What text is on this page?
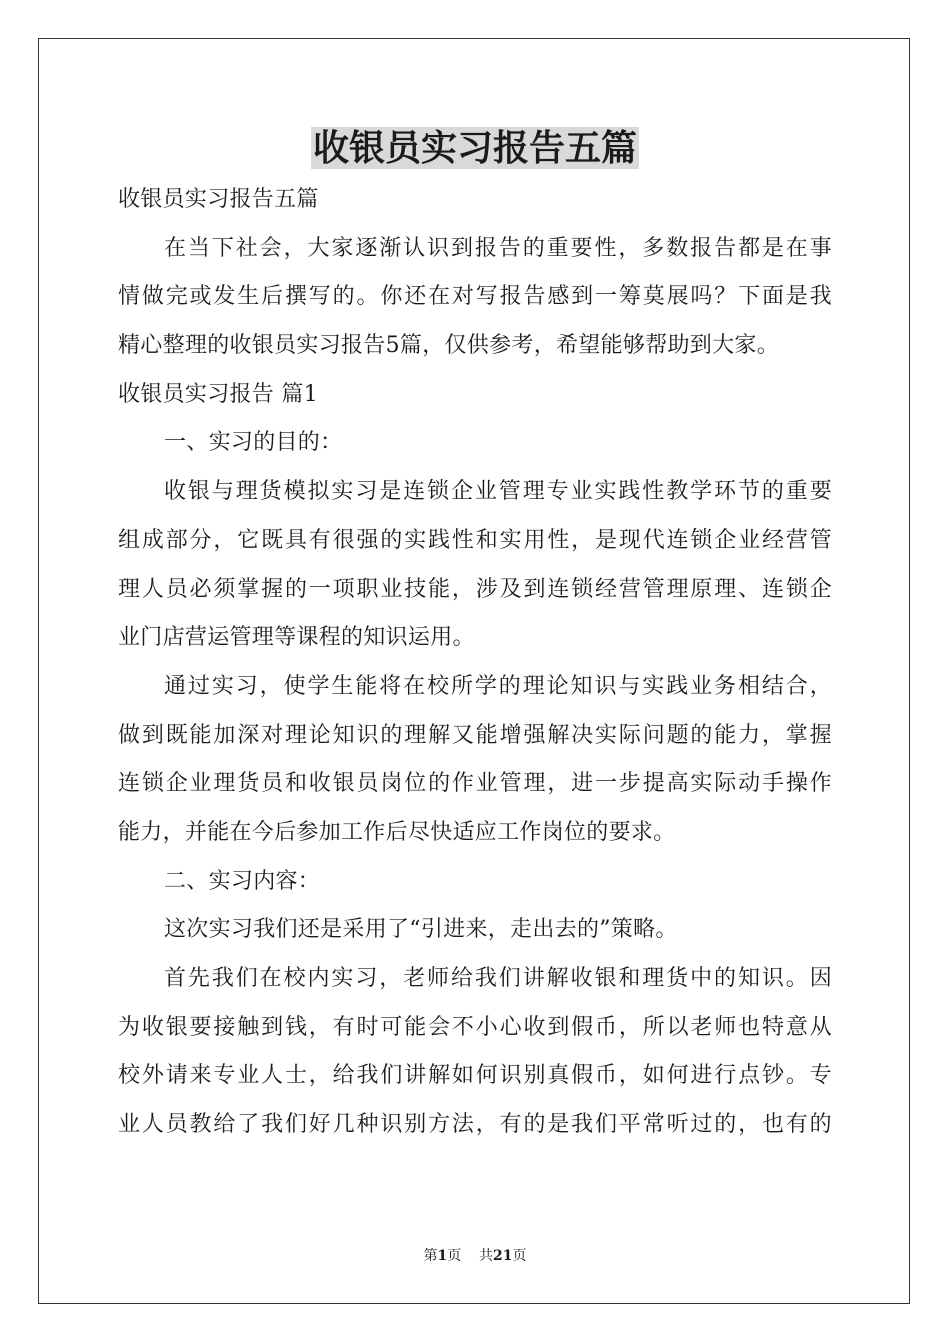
收银员实习报告五篇
收银员实习报告五篇
在当下社会，大家逐渐认识到报告的重要性，多数报告都是在事
情做完或发生后撰写的。你还在对写报告感到一筹莫展吗？下面是我
精心整理的收银员实习报告5篇，仅供参考，希望能够帮助到大家。
收银员实习报告 篇1
一、实习的目的：
收银与理货模拟实习是连锁企业管理专业实践性教学环节的重要
组成部分，它既具有很强的实践性和实用性，是现代连锁企业经营管
理人员必须掌握的一项职业技能，涉及到连锁经营管理原理、连锁企
业门店营运管理等课程的知识运用。
通过实习，使学生能将在校所学的理论知识与实践业务相结合，
做到既能加深对理论知识的理解又能增强解决实际问题的能力，掌握
连锁企业理货员和收银员岗位的作业管理，进一步提高实际动手操作
能力，并能在今后参加工作后尽快适应工作岗位的要求。
二、实习内容：
这次实习我们还是采用了“引进来，走出去的”策略。
首先我们在校内实习，老师给我们讲解收银和理货中的知识。因
为收银要接触到钱，有时可能会不小心收到假币，所以老师也特意从
校外请来专业人士，给我们讲解如何识别真假币，如何进行点钞。专
业人员教给了我们好几种识别方法，有的是我们平常听过的，也有的
第1页 共21页
